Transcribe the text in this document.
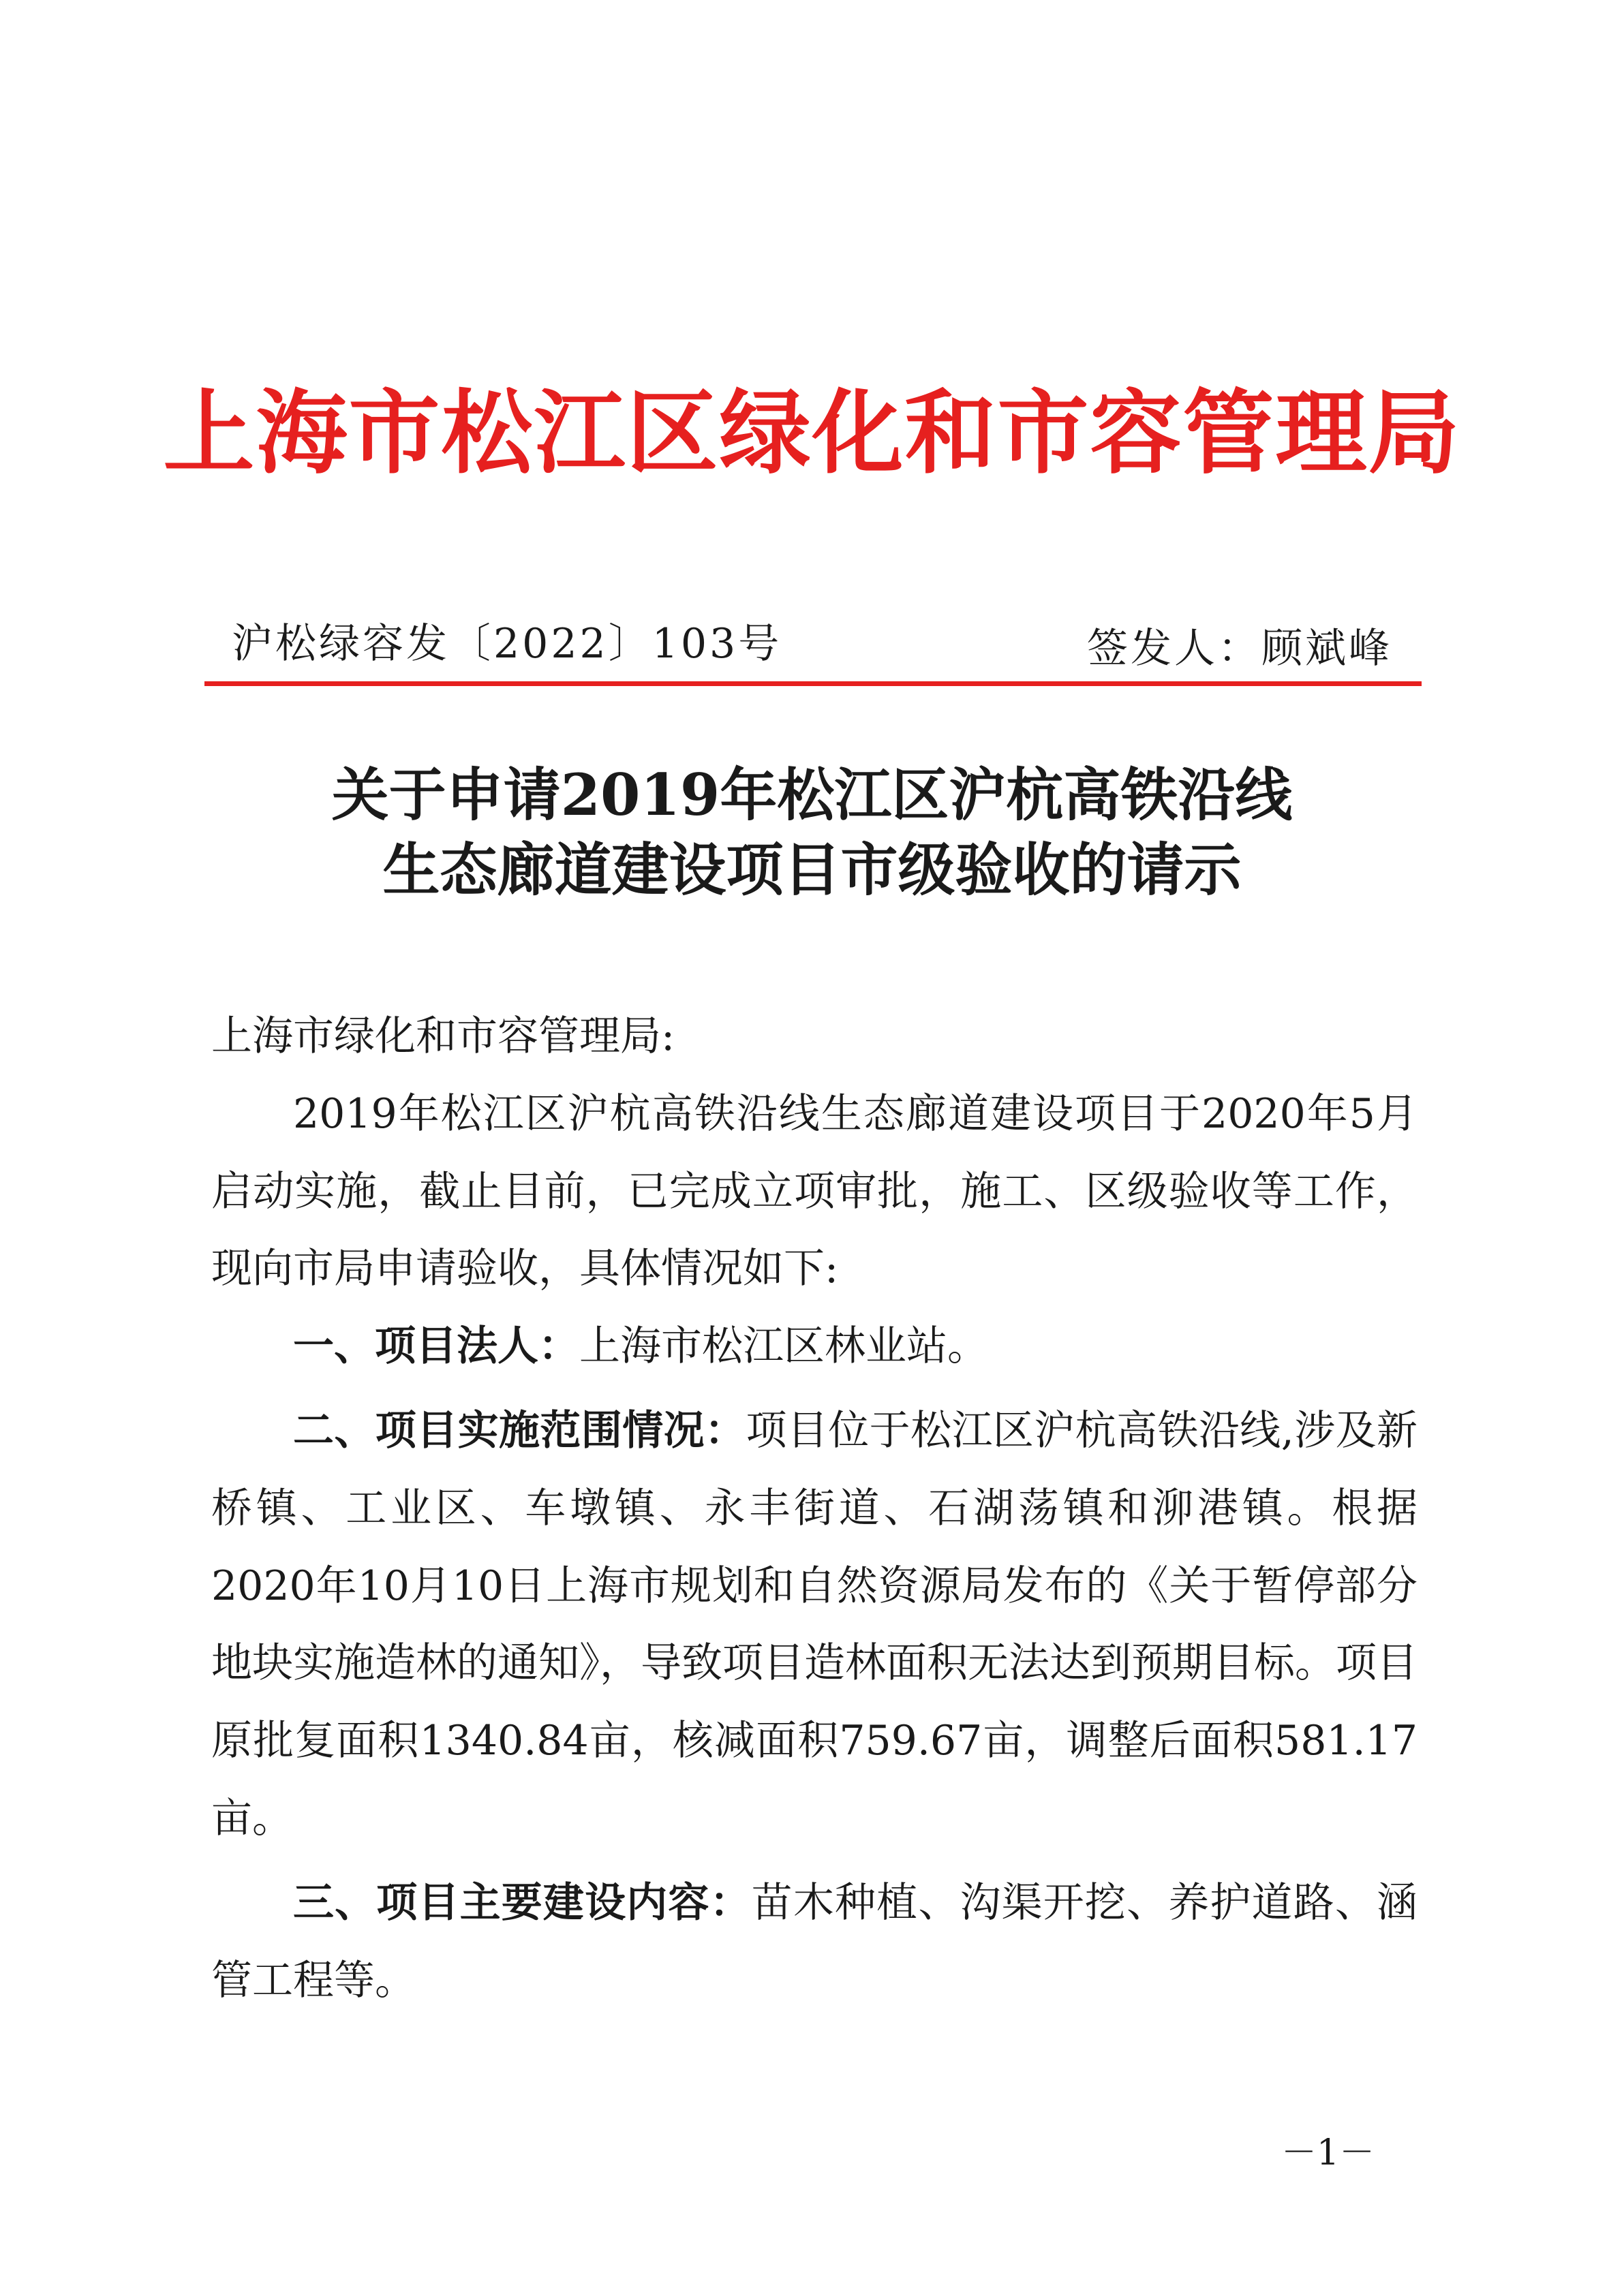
上海市松江区绿化和市容管理局
沪松绿容发〔2022〕103号	签发人：顾斌峰
关于申请2019年松江区沪杭高铁沿线
生态廊道建设项目市级验收的请示

上海市绿化和市容管理局:

2019年松江区沪杭高铁沿线生态廊道建设项目于2020年5月启动实施，截止目前，已完成立项审批，施工、区级验收等工作，现向市局申请验收，具体情况如下:

一、项目法人：上海市松江区林业站。

二、项目实施范围情况：项目位于松江区沪杭高铁沿线,涉及新桥镇、工业区、车墩镇、永丰街道、石湖荡镇和泖港镇。根据2020年10月10日上海市规划和自然资源局发布的《关于暂停部分地块实施造林的通知》，导致项目造林面积无法达到预期目标。项目原批复面积1340.84亩，核减面积759.67亩，调整后面积581.17亩。

三、项目主要建设内容：苗木种植、沟渠开挖、养护道路、涵管工程等。

－1－
